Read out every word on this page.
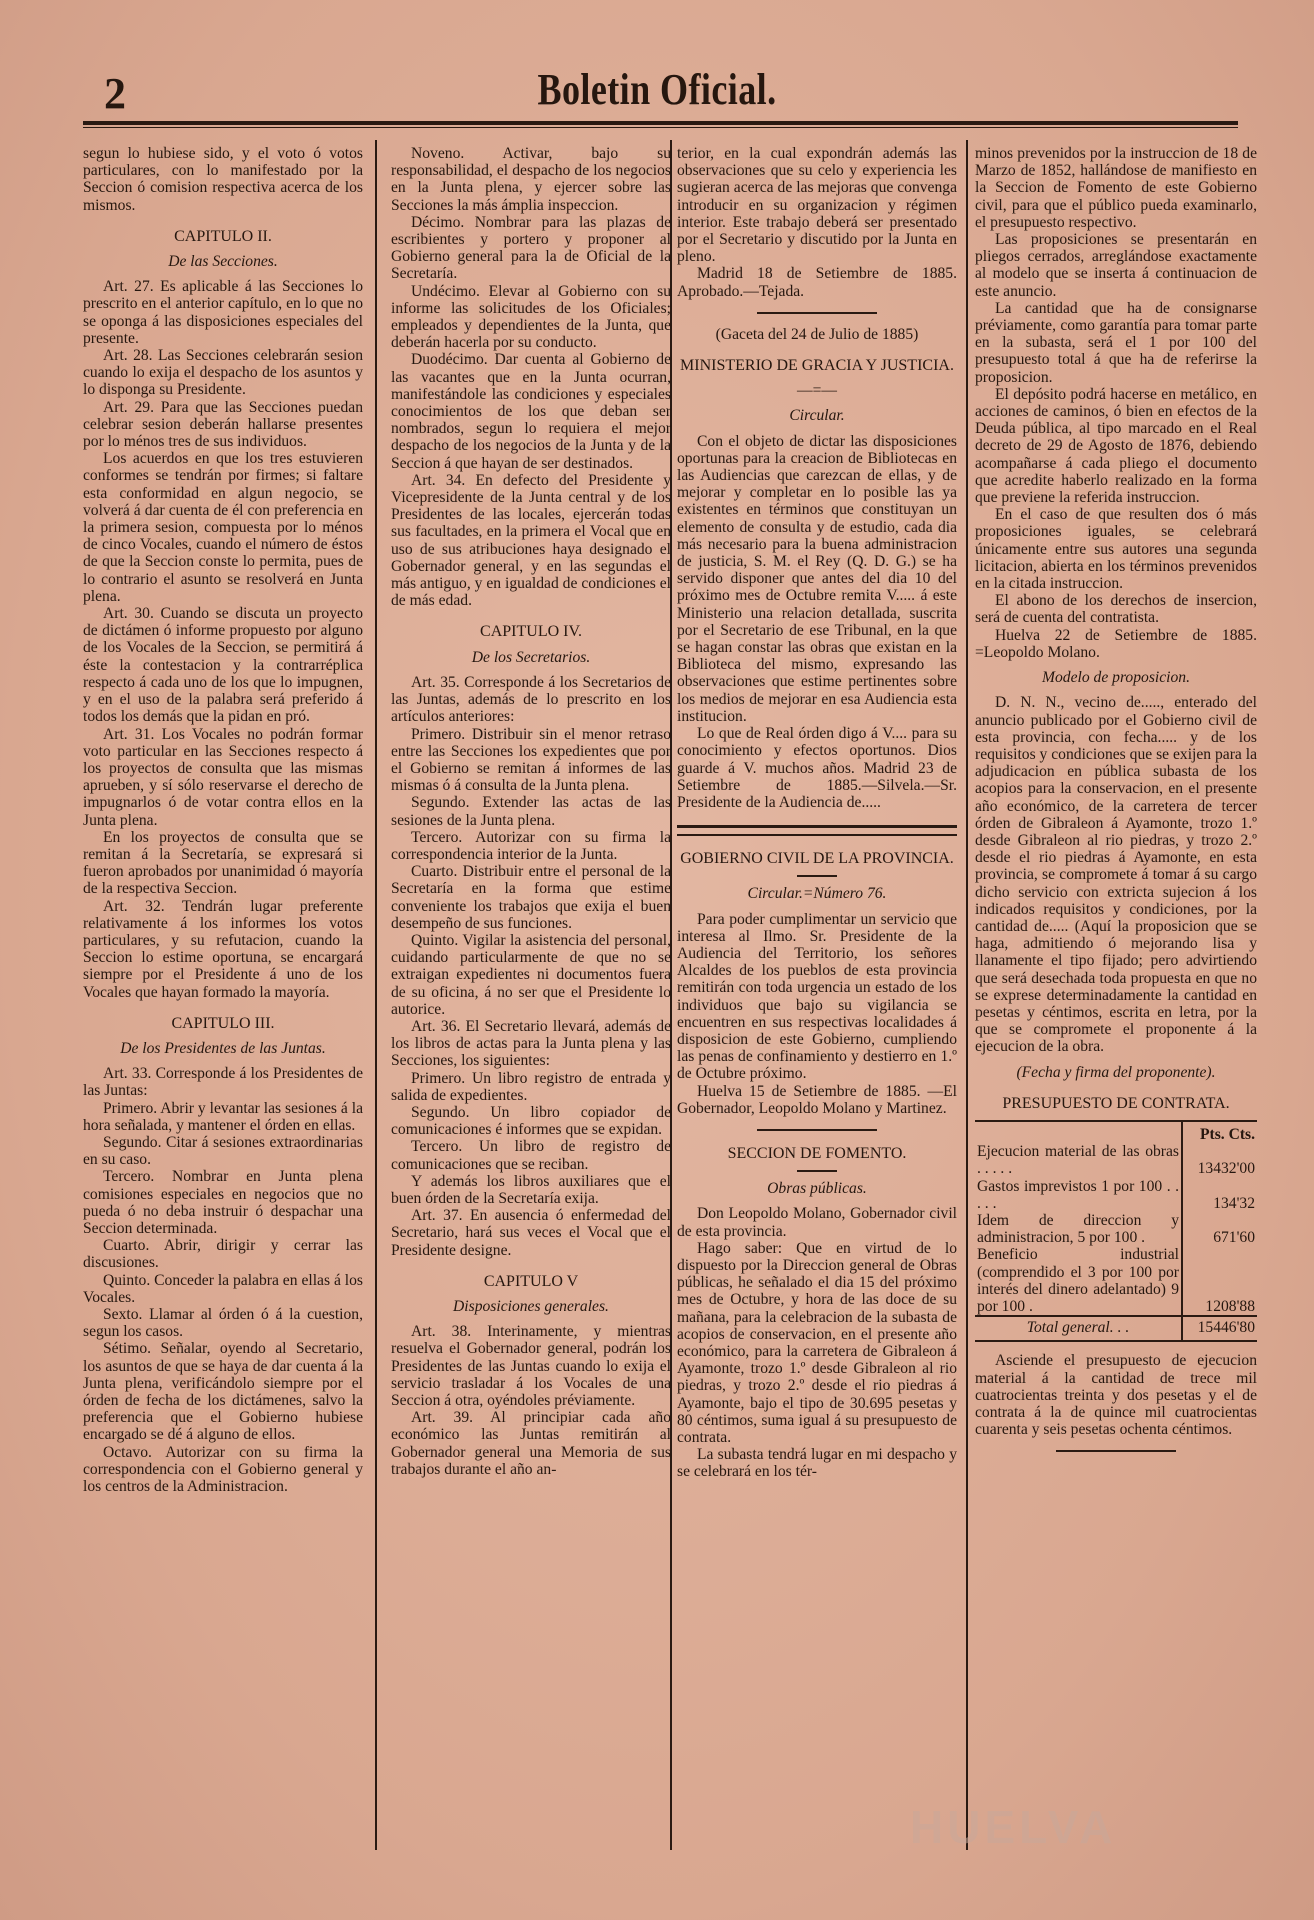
2	Boletin Oficial.

segun lo hubiese sido, y el voto ó votos particulares, con lo manifestado por la Seccion ó comision respectiva acerca de los mismos.

CAPITULO II.

De las Secciones.

Art. 27. Es aplicable á las Secciones lo prescrito en el anterior capítulo, en lo que no se oponga á las disposiciones especiales del presente.

Art. 28. Las Secciones celebrarán sesion cuando lo exija el despacho de los asuntos y lo disponga su Presidente.

Art. 29. Para que las Secciones puedan celebrar sesion deberán hallarse presentes por lo ménos tres de sus individuos.

Los acuerdos en que los tres estuvieren conformes se tendrán por firmes; si faltare esta conformidad en algun negocio, se volverá á dar cuenta de él con preferencia en la primera sesion, compuesta por lo ménos de cinco Vocales, cuando el número de éstos de que la Seccion conste lo permita, pues de lo contrario el asunto se resolverá en Junta plena.

Art. 30. Cuando se discuta un proyecto de dictámen ó informe propuesto por alguno de los Vocales de la Seccion, se permitirá á éste la contestacion y la contrarréplica respecto á cada uno de los que lo impugnen, y en el uso de la palabra será preferido á todos los demás que la pidan en pró.

Art. 31. Los Vocales no podrán formar voto particular en las Secciones respecto á los proyectos de consulta que las mismas aprueben, y sí sólo reservarse el derecho de impugnarlos ó de votar contra ellos en la Junta plena.

En los proyectos de consulta que se remitan á la Secretaría, se expresará si fueron aprobados por unanimidad ó mayoría de la respectiva Seccion.

Art. 32. Tendrán lugar preferente relativamente á los informes los votos particulares, y su refutacion, cuando la Seccion lo estime oportuna, se encargará siempre por el Presidente á uno de los Vocales que hayan formado la mayoría.

CAPITULO III.

De los Presidentes de las Juntas.

Art. 33. Corresponde á los Presidentes de las Juntas:

Primero. Abrir y levantar las sesiones á la hora señalada, y mantener el órden en ellas.

Segundo. Citar á sesiones extraordinarias en su caso.

Tercero. Nombrar en Junta plena comisiones especiales en negocios que no pueda ó no deba instruir ó despachar una Seccion determinada.

Cuarto. Abrir, dirigir y cerrar las discusiones.

Quinto. Conceder la palabra en ellas á los Vocales.

Sexto. Llamar al órden ó á la cuestion, segun los casos.

Sétimo. Señalar, oyendo al Secretario, los asuntos de que se haya de dar cuenta á la Junta plena, verificándolo siempre por el órden de fecha de los dictámenes, salvo la preferencia que el Gobierno hubiese encargado se dé á alguno de ellos.

Octavo. Autorizar con su firma la correspondencia con el Gobierno general y los centros de la Administracion.

Noveno. Activar, bajo su responsabilidad, el despacho de los negocios en la Junta plena, y ejercer sobre las Secciones la más ámplia inspeccion.

Décimo. Nombrar para las plazas de escribientes y portero y proponer al Gobierno general para la de Oficial de la Secretaría.

Undécimo. Elevar al Gobierno con su informe las solicitudes de los Oficiales; empleados y dependientes de la Junta, que deberán hacerla por su conducto.

Duodécimo. Dar cuenta al Gobierno de las vacantes que en la Junta ocurran, manifestándole las condiciones y especiales conocimientos de los que deban ser nombrados, segun lo requiera el mejor despacho de los negocios de la Junta y de la Seccion á que hayan de ser destinados.

Art. 34. En defecto del Presidente y Vicepresidente de la Junta central y de los Presidentes de las locales, ejercerán todas sus facultades, en la primera el Vocal que en uso de sus atribuciones haya designado el Gobernador general, y en las segundas el más antiguo, y en igualdad de condiciones el de más edad.

CAPITULO IV.

De los Secretarios.

Art. 35. Corresponde á los Secretarios de las Juntas, además de lo prescrito en los artículos anteriores:

Primero. Distribuir sin el menor retraso entre las Secciones los expedientes que por el Gobierno se remitan á informes de las mismas ó á consulta de la Junta plena.

Segundo. Extender las actas de las sesiones de la Junta plena.

Tercero. Autorizar con su firma la correspondencia interior de la Junta.

Cuarto. Distribuir entre el personal de la Secretaría en la forma que estime conveniente los trabajos que exija el buen desempeño de sus funciones.

Quinto. Vigilar la asistencia del personal, cuidando particularmente de que no se extraigan expedientes ni documentos fuera de su oficina, á no ser que el Presidente lo autorice.

Art. 36. El Secretario llevará, además de los libros de actas para la Junta plena y las Secciones, los siguientes:

Primero. Un libro registro de entrada y salida de expedientes.

Segundo. Un libro copiador de comunicaciones é informes que se expidan.

Tercero. Un libro de registro de comunicaciones que se reciban.

Y además los libros auxiliares que el buen órden de la Secretaría exija.

Art. 37. En ausencia ó enfermedad del Secretario, hará sus veces el Vocal que el Presidente designe.

CAPITULO V

Disposiciones generales.

Art. 38. Interinamente, y mientras resuelva el Gobernador general, podrán los Presidentes de las Juntas cuando lo exija el servicio trasladar á los Vocales de una Seccion á otra, oyéndoles préviamente.

Art. 39. Al principiar cada año económico las Juntas remitirán al Gobernador general una Memoria de sus trabajos durante el año an-

terior, en la cual expondrán además las observaciones que su celo y experiencia les sugieran acerca de las mejoras que convenga introducir en su organizacion y régimen interior. Este trabajo deberá ser presentado por el Secretario y discutido por la Junta en pleno.

Madrid 18 de Setiembre de 1885. Aprobado.—Tejada.

(Gaceta del 24 de Julio de 1885)

MINISTERIO DE GRACIA Y JUSTICIA.

—=—

Circular.

Con el objeto de dictar las disposiciones oportunas para la creacion de Bibliotecas en las Audiencias que carezcan de ellas, y de mejorar y completar en lo posible las ya existentes en términos que constituyan un elemento de consulta y de estudio, cada dia más necesario para la buena administracion de justicia, S. M. el Rey (Q. D. G.) se ha servido disponer que antes del dia 10 del próximo mes de Octubre remita V..... á este Ministerio una relacion detallada, suscrita por el Secretario de ese Tribunal, en la que se hagan constar las obras que existan en la Biblioteca del mismo, expresando las observaciones que estime pertinentes sobre los medios de mejorar en esa Audiencia esta institucion.

Lo que de Real órden digo á V.... para su conocimiento y efectos oportunos. Dios guarde á V. muchos años. Madrid 23 de Setiembre de 1885.—Silvela.—Sr. Presidente de la Audiencia de.....

GOBIERNO CIVIL DE LA PROVINCIA.

Circular.=Número 76.

Para poder cumplimentar un servicio que interesa al Ilmo. Sr. Presidente de la Audiencia del Territorio, los señores Alcaldes de los pueblos de esta provincia remitirán con toda urgencia un estado de los individuos que bajo su vigilancia se encuentren en sus respectivas localidades á disposicion de este Gobierno, cumpliendo las penas de confinamiento y destierro en 1.º de Octubre próximo.

Huelva 15 de Setiembre de 1885. —El Gobernador, Leopoldo Molano y Martinez.

SECCION DE FOMENTO.

Obras públicas.

Don Leopoldo Molano, Gobernador civil de esta provincia.

Hago saber: Que en virtud de lo dispuesto por la Direccion general de Obras públicas, he señalado el dia 15 del próximo mes de Octubre, y hora de las doce de su mañana, para la celebracion de la subasta de acopios de conservacion, en el presente año económico, para la carretera de Gibraleon á Ayamonte, trozo 1.º desde Gibraleon al rio piedras, y trozo 2.º desde el rio piedras á Ayamonte, bajo el tipo de 30.695 pesetas y 80 céntimos, suma igual á su presupuesto de contrata.

La subasta tendrá lugar en mi despacho y se celebrará en los tér-

minos prevenidos por la instruccion de 18 de Marzo de 1852, hallándose de manifiesto en la Seccion de Fomento de este Gobierno civil, para que el público pueda examinarlo, el presupuesto respectivo.

Las proposiciones se presentarán en pliegos cerrados, arreglándose exactamente al modelo que se inserta á continuacion de este anuncio.

La cantidad que ha de consignarse préviamente, como garantía para tomar parte en la subasta, será el 1 por 100 del presupuesto total á que ha de referirse la proposicion.

El depósito podrá hacerse en metálico, en acciones de caminos, ó bien en efectos de la Deuda pública, al tipo marcado en el Real decreto de 29 de Agosto de 1876, debiendo acompañarse á cada pliego el documento que acredite haberlo realizado en la forma que previene la referida instruccion.

En el caso de que resulten dos ó más proposiciones iguales, se celebrará únicamente entre sus autores una segunda licitacion, abierta en los términos prevenidos en la citada instruccion.

El abono de los derechos de insercion, será de cuenta del contratista.

Huelva 22 de Setiembre de 1885. =Leopoldo Molano.

Modelo de proposicion.

D. N. N., vecino de....., enterado del anuncio publicado por el Gobierno civil de esta provincia, con fecha..... y de los requisitos y condiciones que se exijen para la adjudicacion en pública subasta de los acopios para la conservacion, en el presente año económico, de la carretera de tercer órden de Gibraleon á Ayamonte, trozo 1.º desde Gibraleon al rio piedras, y trozo 2.º desde el rio piedras á Ayamonte, en esta provincia, se compromete á tomar á su cargo dicho servicio con extricta sujecion á los indicados requisitos y condiciones, por la cantidad de..... (Aquí la proposicion que se haga, admitiendo ó mejorando lisa y llanamente el tipo fijado; pero advirtiendo que será desechada toda propuesta en que no se exprese determinadamente la cantidad en pesetas y céntimos, escrita en letra, por la que se compromete el proponente á la ejecucion de la obra.

(Fecha y firma del proponente).

PRESUPUESTO DE CONTRATA.

	Pts. Cts.
Ejecucion material de las obras . . . . .	13432'00
Gastos imprevistos 1 por 100 . . . . .	134'32
Idem de direccion y administracion, 5 por 100 .	671'60
Beneficio industrial (comprendido el 3 por 100 por interés del dinero adelantado) 9 por 100 .	1208'88
Total general. . .	15446'80

Asciende el presupuesto de ejecucion material á la cantidad de trece mil cuatrocientas treinta y dos pesetas y el de contrata á la de quince mil cuatrocientas cuarenta y seis pesetas ochenta céntimos.

HUELVA
